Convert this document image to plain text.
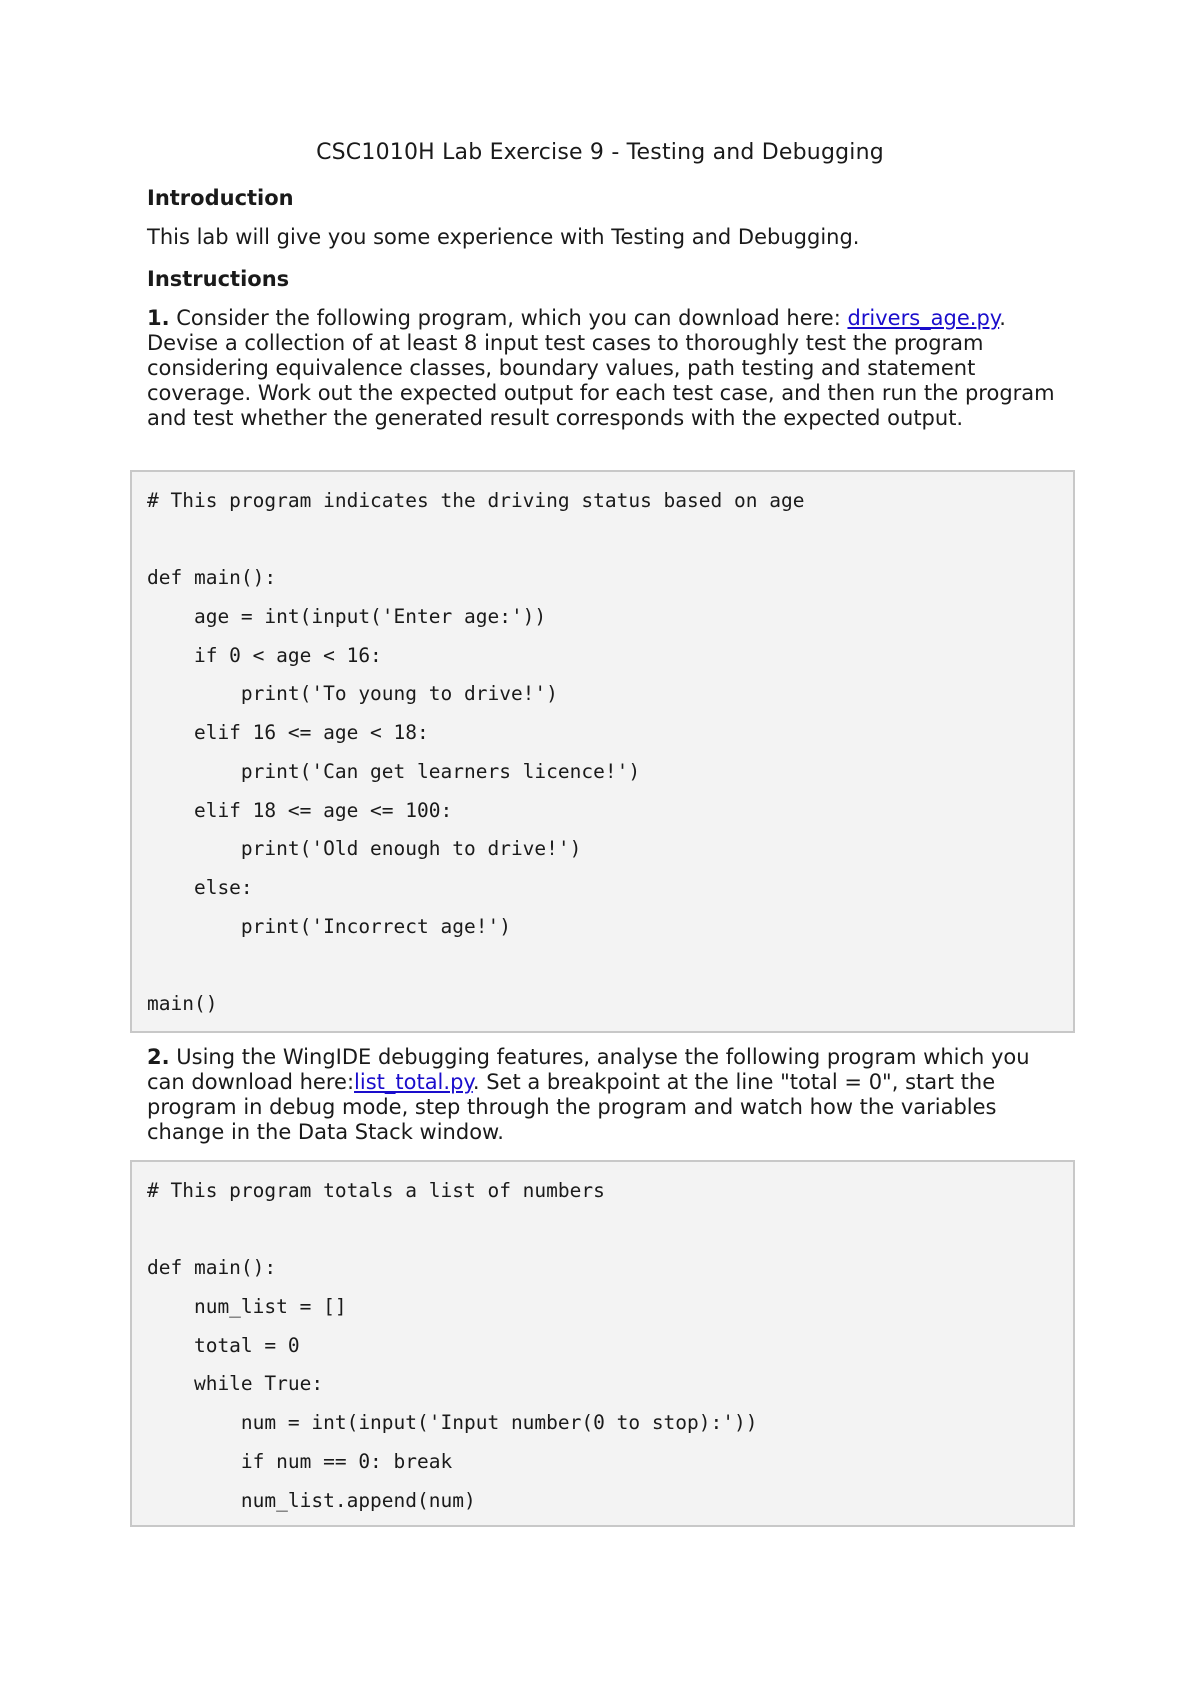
CSC1010H Lab Exercise 9 - Testing and Debugging
Introduction

This lab will give you some experience with Testing and Debugging.

Instructions

1. Consider the following program, which you can download here: drivers_age.py. Devise a collection of at least 8 input test cases to thoroughly test the program considering equivalence classes, boundary values, path testing and statement coverage. Work out the expected output for each test case, and then run the program and test whether the generated result corresponds with the expected output.

# This program indicates the driving status based on age
def main():
age = int(input('Enter age:'))
if 0 < age < 16:
print('To young to drive!')
elif 16 <= age < 18:
print('Can get learners licence!')
elif 18 <= age <= 100:
print('Old enough to drive!')
else:
print('Incorrect age!')
main()

2. Using the WingIDE debugging features, analyse the following program which you can download here:list_total.py. Set a breakpoint at the line "total = 0", start the program in debug mode, step through the program and watch how the variables change in the Data Stack window.

# This program totals a list of numbers
def main():
num_list = []
total = 0
while True:
num = int(input('Input number(0 to stop):'))
if num == 0: break
num_list.append(num)
